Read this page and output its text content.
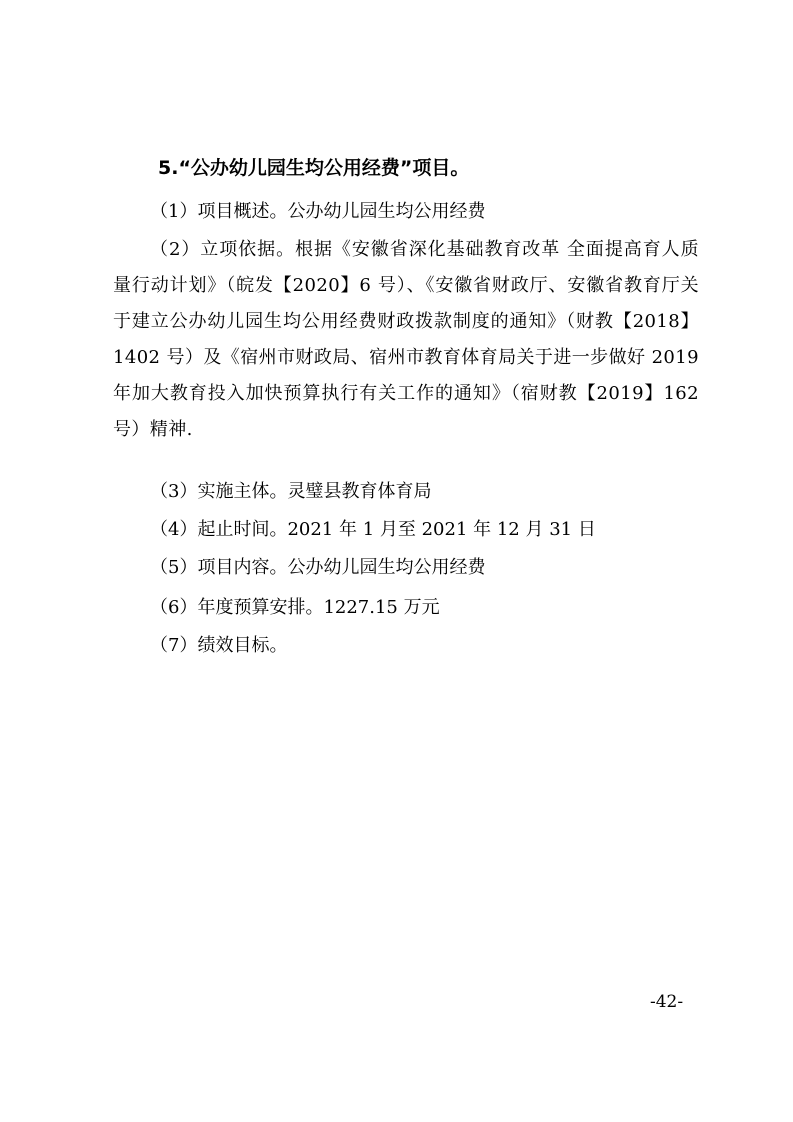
5.“公办幼儿园生均公用经费”项目。
（1）项目概述。公办幼儿园生均公用经费
（2）立项依据。根据《安徽省深化基础教育改革 全面提高育人质量行动计划》（皖发【2020】6 号）、《安徽省财政厅、安徽省教育厅关于建立公办幼儿园生均公用经费财政拨款制度的通知》（财教【2018】1402 号）及《宿州市财政局、宿州市教育体育局关于进一步做好 2019 年加大教育投入加快预算执行有关工作的通知》（宿财教【2019】162 号）精神.
（3）实施主体。灵璧县教育体育局
（4）起止时间。2021 年 1 月至 2021 年 12 月 31 日
（5）项目内容。公办幼儿园生均公用经费
（6）年度预算安排。1227.15 万元
（7）绩效目标。
-42-
